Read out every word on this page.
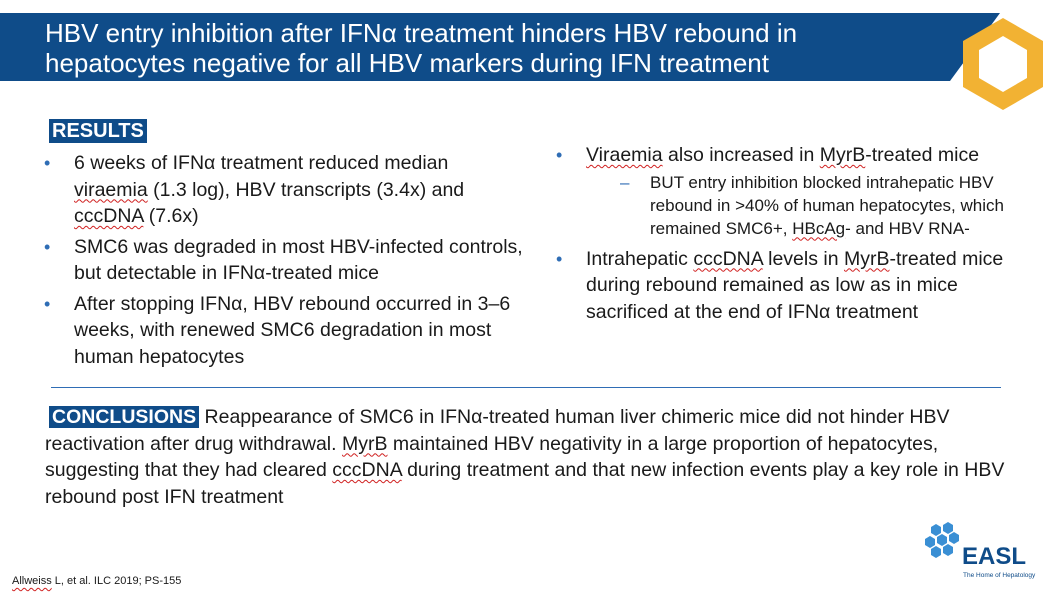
HBV entry inhibition after IFNα treatment hinders HBV rebound in hepatocytes negative for all HBV markers during IFN treatment
RESULTS
• 6 weeks of IFNα treatment reduced median viraemia (1.3 log), HBV transcripts (3.4x) and cccDNA (7.6x)
• SMC6 was degraded in most HBV-infected controls, but detectable in IFNα-treated mice
• After stopping IFNα, HBV rebound occurred in 3–6 weeks, with renewed SMC6 degradation in most human hepatocytes
• Viraemia also increased in MyrB-treated mice
– BUT entry inhibition blocked intrahepatic HBV rebound in >40% of human hepatocytes, which remained SMC6+, HBcAg- and HBV RNA-
• Intrahepatic cccDNA levels in MyrB-treated mice during rebound remained as low as in mice sacrificed at the end of IFNα treatment
CONCLUSIONS Reappearance of SMC6 in IFNα-treated human liver chimeric mice did not hinder HBV reactivation after drug withdrawal. MyrB maintained HBV negativity in a large proportion of hepatocytes, suggesting that they had cleared cccDNA during treatment and that new infection events play a key role in HBV rebound post IFN treatment
Allweiss L, et al. ILC 2019; PS-155
EASL
The Home of Hepatology
